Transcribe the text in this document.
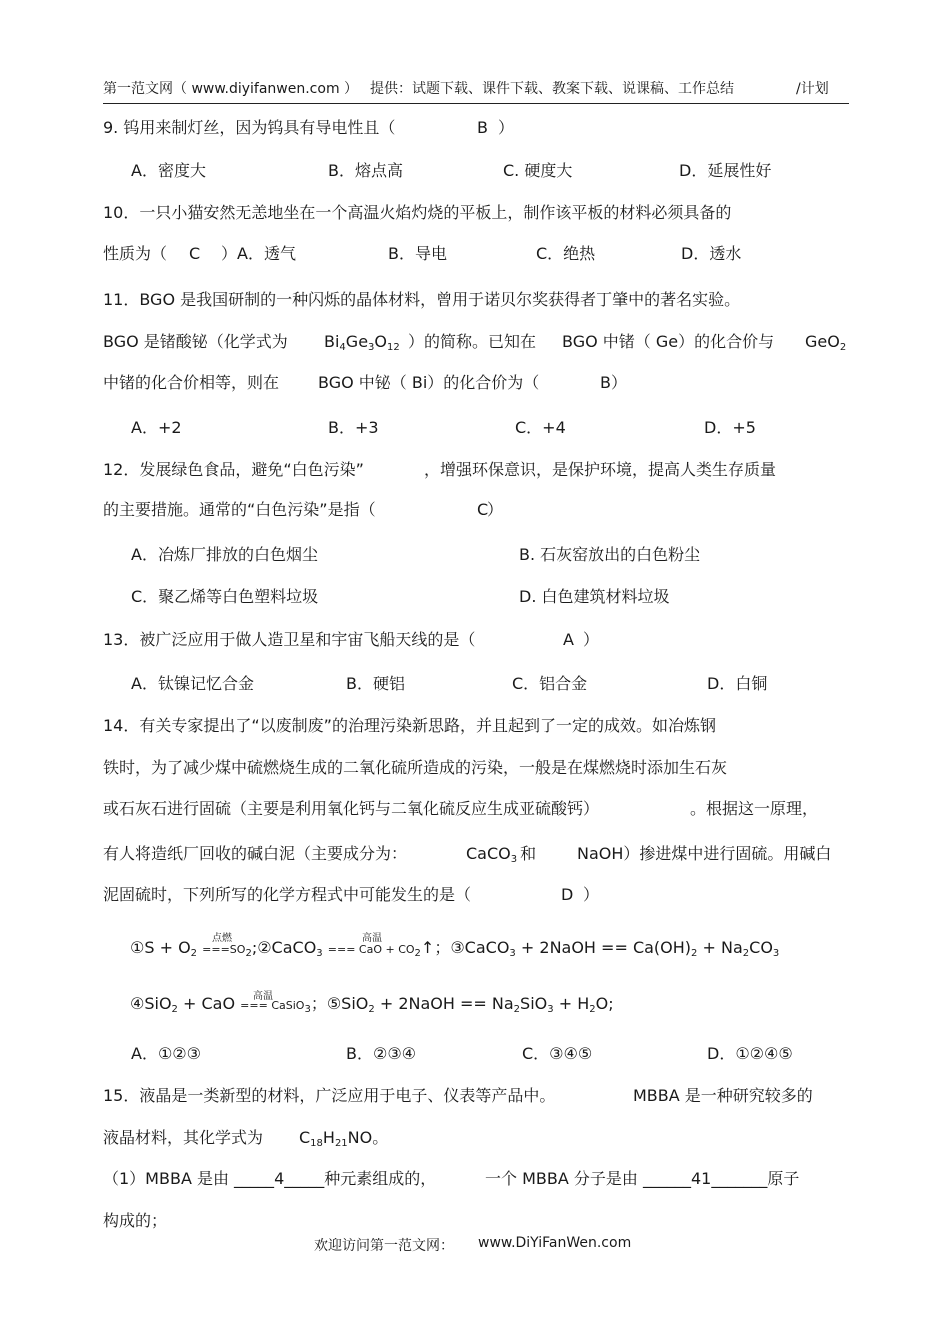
第一范文网（ www.diyifanwen.com ） 提供：试题下载、课件下载、教案下载、说课稿、工作总结	/计划
9. 钨用来制灯丝，因为钨具有导电性且（	B ）
A．密度大	B．熔点高	C. 硬度大	D．延展性好
10．一只小猫安然无恙地坐在一个高温火焰灼烧的平板上，制作该平板的材料必须具备的
性质为（ C ）A．透气	B．导电	C．绝热	D．透水
11．BGO 是我国研制的一种闪烁的晶体材料，曾用于诺贝尔奖获得者丁肇中的著名实验。
BGO 是锗酸铋（化学式为 $Bi_4Ge_3O_{12}$ ）的简称。已知在 BGO 中锗（ Ge）的化合价与 GeO$_2$
中锗的化合价相等，则在 BGO 中铋（ Bi）的化合价为（	B ）
A．+2	B．+3	C．+4	D．+5
12．发展绿色食品，避免“白色污染”	，增强环保意识，是保护环境，提高人类生存质量
的主要措施。通常的“白色污染”是指（	C
）
A．冶炼厂排放的白色烟尘	B. 石灰窑放出的白色粉尘
C．聚乙烯等白色塑料垃圾	D. 白色建筑材料垃圾
13．被广泛应用于做人造卫星和宇宙飞船天线的是（	A ）
A．钛镍记忆合金	B．硬铝	C．铝合金	D．白铜
14．有关专家提出了“以废制废”的治理污染新思路，并且起到了一定的成效。如冶炼钢
铁时，为了减少煤中硫燃烧生成的二氧化硫所造成的污染，一般是在煤燃烧时添加生石灰
或石灰石进行固硫（主要是利用氧化钙与二氧化硫反应生成亚硫酸钙）	。根据这一原理，
有人将造纸厂回收的碱白泥（主要成分为：	CaCO$_3$ 和	NaOH）掺进煤中进行固硫。用碱白
泥固硫时，下列所写的化学方程式中可能发生的是（	D ）
点燃	高温
①S + $O_2$ $===SO_2;②CaCO_3$ === CaO + $CO_2↑$；③CaCO$_3$ + 2NaOH == $Ca(OH)_2 + Na_2CO_3$
高温
④SiO$_2$ + CaO === CaSiO$_3$；⑤SiO$_2$ + 2NaOH == $Na_2SiO_3 + H_2O$;
A．①②③	B．②③④	C．③④⑤	D．①②④⑤
15．液晶是一类新型的材料，广泛应用于电子、仪表等产品中。	MBBA 是一种研究较多的
液晶材料，其化学式为 $C_{18}H_{21}NO$。
（1）MBBA 是由 _____4_____种元素组成的，	一个 MBBA 分子是由 ______41_______原子
构成的；
欢迎访问第一范文网： www.DiYiFanWen.com
